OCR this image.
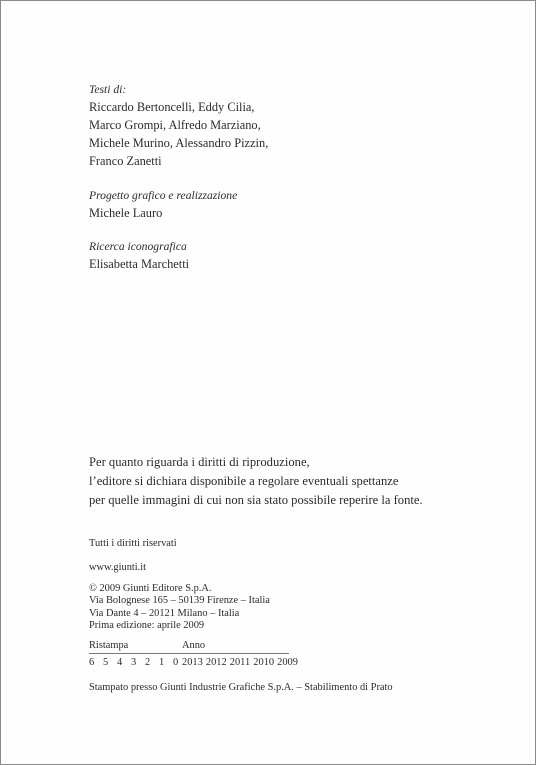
Testi di:
Riccardo Bertoncelli, Eddy Cilia,
Marco Grompi, Alfredo Marziano,
Michele Murino, Alessandro Pizzin,
Franco Zanetti
Progetto grafico e realizzazione
Michele Lauro
Ricerca iconografica
Elisabetta Marchetti
Per quanto riguarda i diritti di riproduzione,
l’editore si dichiara disponibile a regolare eventuali spettanze
per quelle immagini di cui non sia stato possibile reperire la fonte.
Tutti i diritti riservati
www.giunti.it
© 2009 Giunti Editore S.p.A.
Via Bolognese 165 – 50139 Firenze – Italia
Via Dante 4 – 20121 Milano – Italia
Prima edizione: aprile 2009
Ristampa	Anno
6 5 4 3 2 1 0 2013 2012 2011 2010 2009
Stampato presso Giunti Industrie Grafiche S.p.A. – Stabilimento di Prato
